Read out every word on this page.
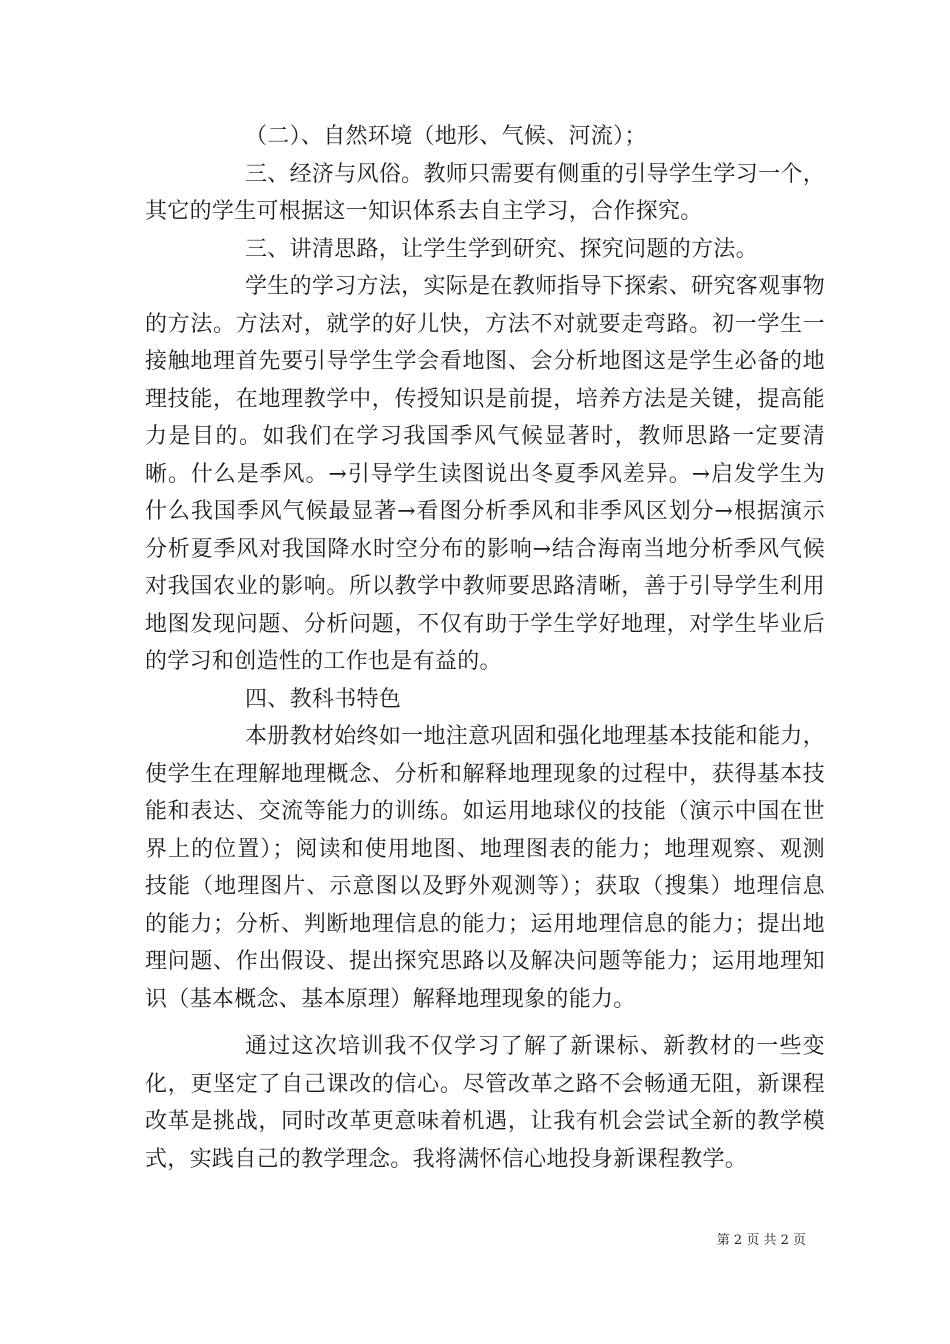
（二）、自然环境（地形、气候、河流）；

三、经济与风俗。教师只需要有侧重的引导学生学习一个，其它的学生可根据这一知识体系去自主学习，合作探究。

三、讲清思路，让学生学到研究、探究问题的方法。

学生的学习方法，实际是在教师指导下探索、研究客观事物的方法。方法对，就学的好儿快，方法不对就要走弯路。初一学生一接触地理首先要引导学生学会看地图、会分析地图这是学生必备的地理技能，在地理教学中，传授知识是前提，培养方法是关键，提高能力是目的。如我们在学习我国季风气候显著时，教师思路一定要清晰。什么是季风。→引导学生读图说出冬夏季风差异。→启发学生为什么我国季风气候最显著→看图分析季风和非季风区划分→根据演示分析夏季风对我国降水时空分布的影响→结合海南当地分析季风气候对我国农业的影响。所以教学中教师要思路清晰，善于引导学生利用地图发现问题、分析问题，不仅有助于学生学好地理，对学生毕业后的学习和创造性的工作也是有益的。

四、教科书特色

本册教材始终如一地注意巩固和强化地理基本技能和能力，使学生在理解地理概念、分析和解释地理现象的过程中，获得基本技能和表达、交流等能力的训练。如运用地球仪的技能（演示中国在世界上的位置）；阅读和使用地图、地理图表的能力；地理观察、观测技能（地理图片、示意图以及野外观测等）；获取（搜集）地理信息的能力；分析、判断地理信息的能力；运用地理信息的能力；提出地理问题、作出假设、提出探究思路以及解决问题等能力；运用地理知识（基本概念、基本原理）解释地理现象的能力。

通过这次培训我不仅学习了解了新课标、新教材的一些变化，更坚定了自己课改的信心。尽管改革之路不会畅通无阻，新课程改革是挑战，同时改革更意味着机遇，让我有机会尝试全新的教学模式，实践自己的教学理念。我将满怀信心地投身新课程教学。

第 2 页 共 2 页
